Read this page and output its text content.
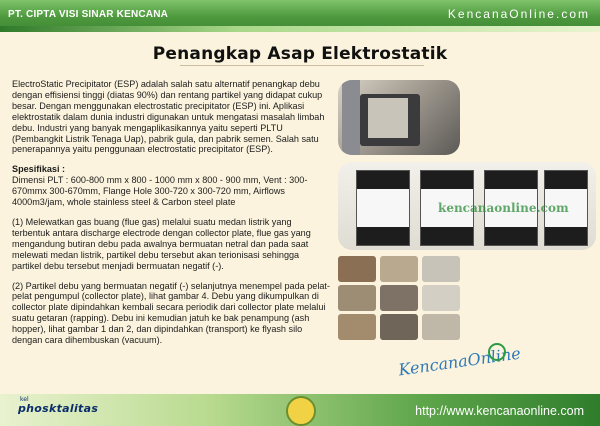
PT. CIPTA VISI SINAR KENCANA	KencanaOnline.com
Penangkap Asap Elektrostatik

ElectroStatic Precipitator (ESP) adalah salah satu alternatif penangkap debu dengan effisiensi tinggi (diatas 90%) dan rentang partikel yang didapat cukup besar. Dengan menggunakan electrostatic precipitator (ESP) ini. Aplikasi elektrostatik dalam dunia industri digunakan untuk mengatasi masalah limbah debu. Industri yang banyak mengaplikasikannya yaitu seperti PLTU (Pembangkit Listrik Tenaga Uap), pabrik gula, dan pabrik semen. Salah satu penerapannya yaitu penggunaan electrostatic precipitator (ESP).

Spesifikasi :

Dimensi PLT : 600-800 mm x 800 - 1000 mm x 800 - 900 mm, Vent : 300-670mmx 300-670mm, Flange Hole 300-720 x 300-720 mm, Airflows 4000m3/jam, whole stainless steel & Carbon steel plate

(1) Melewatkan gas buang (flue gas) melalui suatu medan listrik yang terbentuk antara discharge electrode dengan collector plate, flue gas yang mengandung butiran debu pada awalnya bermuatan netral dan pada saat melewati medan listrik, partikel debu tersebut akan terionisasi sehingga partikel debu tersebut menjadi bermuatan negatif (-).

(2) Partikel debu yang bermuatan negatif (-) selanjutnya menempel pada pelat-pelat pengumpul (collector plate), lihat gambar 4. Debu yang dikumpulkan di collector plate dipindahkan kembali secara periodik dari collector plate melalui suatu getaran (rapping). Debu ini kemudian jatuh ke bak penampung (ash hopper), lihat gambar 1 dan 2, dan dipindahkan (transport) ke flyash silo dengan cara dihembuskan (vacuum).

kencanaonline.com
KencanaOnline
http://www.kencanaonline.com
kel
phosktalitas
